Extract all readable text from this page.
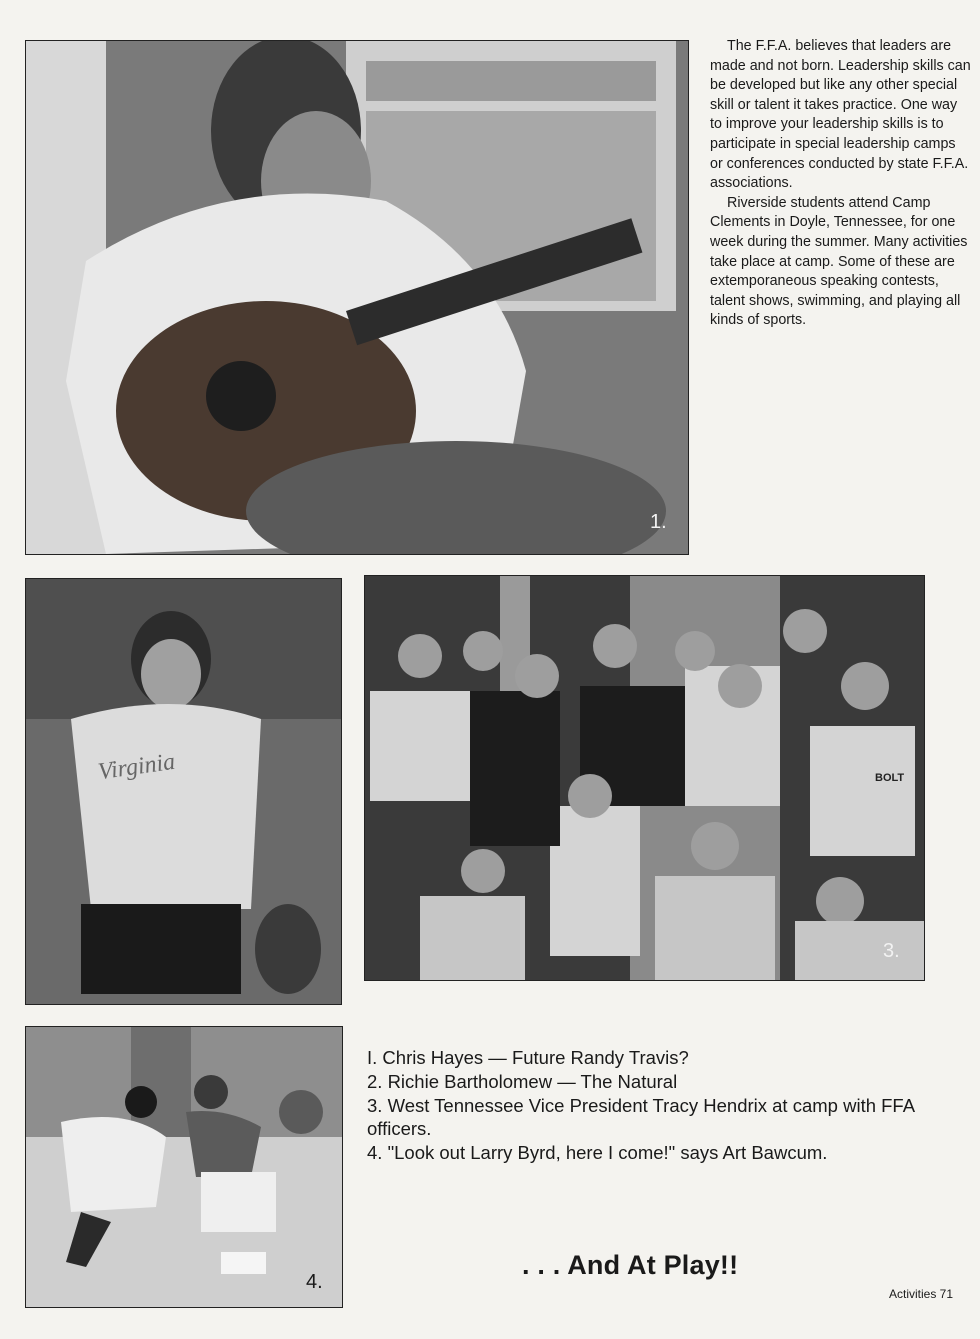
1.
Virginia	BOLT
3.
4.

The F.F.A. believes that leaders are made and not born. Leadership skills can be developed but like any other special skill or talent it takes practice. One way to improve your leadership skills is to participate in special leadership camps or conferences conducted by state F.F.A. associations.

Riverside students attend Camp Clements in Doyle, Tennessee, for one week during the summer. Many activities take place at camp. Some of these are extemporaneous speaking contests, talent shows, swimming, and playing all kinds of sports.

I. Chris Hayes — Future Randy Travis?
2. Richie Bartholomew — The Natural
3. West Tennessee Vice President Tracy Hendrix at camp with FFA officers.
4. "Look out Larry Byrd, here I come!" says Art Bawcum.
. . . And At Play!!
Activities 71
